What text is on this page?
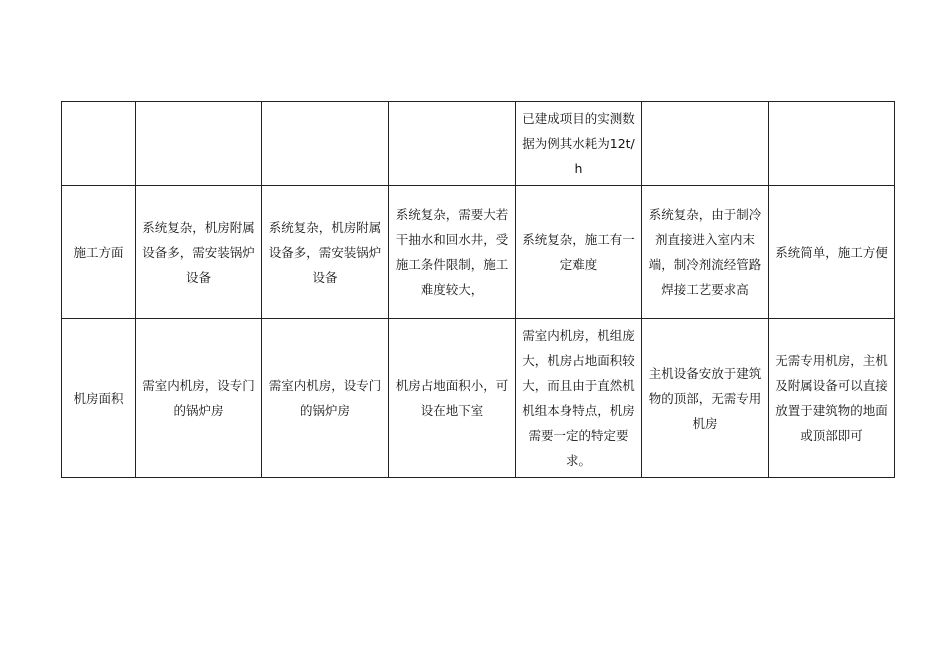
				已建成项目的实测数据为例其水耗为12t/h		
施工方面	系统复杂，机房附属设备多，需安装锅炉设备	系统复杂，机房附属设备多，需安装锅炉设备	系统复杂，需要大若干抽水和回水井，受施工条件限制，施工难度较大，	系统复杂，施工有一定难度	系统复杂，由于制冷剂直接进入室内末端，制冷剂流经管路焊接工艺要求高	系统简单，施工方便
机房面积	需室内机房，设专门的锅炉房	需室内机房，设专门的锅炉房	机房占地面积小，可设在地下室	需室内机房，机组庞大，机房占地面积较大，而且由于直然机机组本身特点，机房需要一定的特定要求。	主机设备安放于建筑物的顶部，无需专用机房	无需专用机房，主机及附属设备可以直接放置于建筑物的地面或顶部即可
